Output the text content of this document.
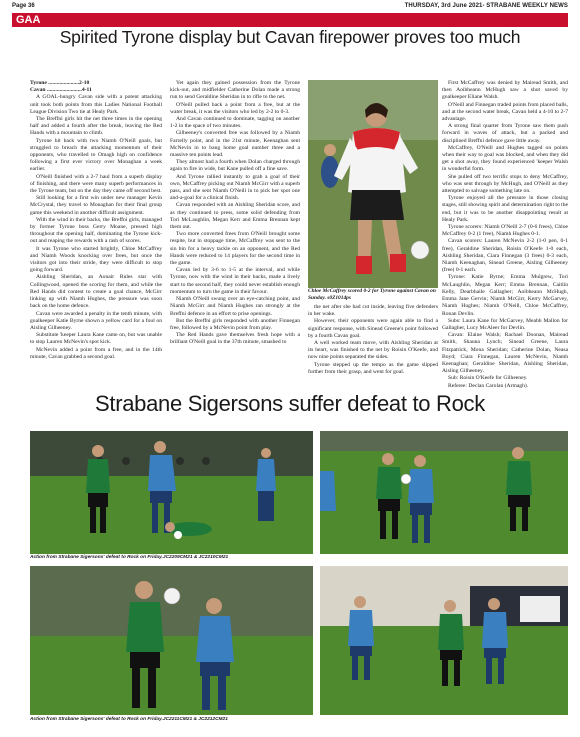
Page 36	THURSDAY, 3rd June 2021- STRABANE WEEKLY NEWS
GAA
Spirited Tyrone display but Cavan firepower proves too much
Tyrone ......................2-10
Cavan .........................4-11

A GOAL-hungry Cavan side with a potent attacking unit took both points from this Ladies National Football League Division Two tie at Healy Park.

The Breffni girls hit the net three times in the opening half and added a fourth after the break, leaving the Red Hands with a mountain to climb.

Tyrone hit back with two Niamh O'Neill goals, but struggled to breach the attacking momentum of their opponents, who travelled to Omagh high on confidence following a first ever victory over Monaghan a week earlier.

O'Neill finished with a 2-7 haul from a superb display of finishing, and there were many superb performances in the Tyrone team, but on the day they came off second best.

Still looking for a first win under new manager Kevin McCrystal, they travel to Monaghan for their final group game this weekend in another difficult assignment.

With the wind in their backs, the Breffni girls, managed by former Tyrone boss Gerry Moane, pressed high throughout the opening half, dominating the Tyrone kick-out and reaping the rewards with a rash of scores.

It was Tyrone who started brightly, Chloe McCaffrey and Niamh Woods knocking over frees, but once the visitors got into their stride, they were difficult to stop going forward.

Aishling Sheridan, an Aonair Rules star with Collingwood, opened the scoring for them, and while the Red Hands did contest to create a goal chance, McGirr linking up with Niamh Hughes, the pressure was soon back on the home defence.

Cavan were awarded a penalty in the tenth minute, with goalkeeper Katie Byrne shown a yellow card for a foul on Aisling Gilheeney.

Substitute 'keeper Laura Kane came on, but was unable to stop Lauren McNevin's spot kick.

McNevin added a point from a free, and in the 14th minute, Cavan grabbed a second goal.

Yet again they gained possession from the Tyrone kick-out, and midfielder Catherine Dolan made a strong run to send Geraldine Sheridan in to rifle to the net.

O'Neill pulled back a point from a free, but at the water break, it was the visitors who led by 2-2 to 0-3.

And Cavan continued to dominate, tagging on another 1-2 in the space of two minutes.

Gilheeney's converted free was followed by a Niamh Farrelly point, and in the 21st minute, Keenaghan sent McNevin in to bang home goal number three and a massive ten points lead.

They almost had a fourth when Dolan charged through again to fire in wide, but Kane pulled off a fine save.

And Tyrone rallied instantly to grab a goal of their own, McCaffrey picking out Niamh McGirr with a superb pass, and she sent Niamh O'Neill in to pick her spot one and-a-goal for a clinical finish.

Cavan responded with an Aishling Sheridan score, and as they continued to press, some solid defending from Tori McLaughlin, Megan Kerr and Emma Brennan kept them out.

Two more converted frees from O'Neill brought some respite, but in stoppage time, McCaffrey was sent to the sin bin for a heavy tackle on an opponent, and the Red Hands were reduced to 14 players for the second time in the game.

Cavan led by 3-6 to 1-5 at the interval, and while Tyrone, now with the wind in their backs, made a lively start to the second half, they could never establish enough momentum to turn the game in their favour.

Niamh O'Neill swung over an eye-catching point, and Niamh McGirr and Niamh Hughes ran strongly at the Breffni defence in an effort to prise openings.

But the Breffni girls responded with another Finnegan free, followed by a McNevin point from play.

The Red Hands gave themselves fresh hope with a brilliant O'Neill goal in the 37th minute, smashed to

Chloe McCaffrey scored 0-2 for Tyrone against Cavan on Sunday. s0Z1014ps

the net after she had cut inside, leaving five defenders in her wake.

However, their opponents were again able to find a significant response, with Sinead Greene's point followed by a fourth Cavan goal.

A well worked team move, with Aishling Sheridan at its heart, was finished to the net by Roisin O'Keefe, and now nine points separated the sides.

Tyrone stepped up the tempo as the game slipped further from their grasp, and went for goal.

First McCaffrey was denied by Mairead Smith, and then Aoibheann McHugh saw a shot saved by goalkeeper Eliane Walsh.

O'Neill and Finnegan traded points from placed balls, and at the second water break, Cavan held a 4-10 to 2-7 advantage.

A strong final quarter from Tyrone saw them push forward in waves of attack, but a packed and disciplined Breffni defence gave little away.

McCaffrey, O'Neill and Hughes tagged on points when their way to goal was blocked, and when they did get a shot away, they found experienced 'keeper Walsh in wonderful form.

She pulled off two terrific stops to deny McCaffrey, who was sent through by McHugh, and O'Neill as they attempted to salvage something late on.

Tyrone enjoyed all the pressure in those closing stages, still showing spirit and determination right to the end, but it was to be another disappointing result at Healy Park.

Tyrone scorers: Niamh O'Neill 2-7 (0-6 frees), Chloe McCaffrey 0-2 (1 free), Niamh Hughes 0-1.

Cavan scorers: Lauren McNevin 2-2 (1-0 pen, 0-1 free), Geraldine Sheridan, Roisin O'Keefe 1-0 each, Aishling Sheridan, Ciara Finnegan (3 frees) 0-3 each, Niamh Keenaghan, Sinead Greene, Aisling Gilheeney (free) 0-1 each.

Tyrone: Katie Byrne; Emma Mulgrew, Tori McLaughlin, Megan Kerr; Emma Brennan, Caitlin Kelly, Dearbhaile Gallagher; Aoibheann McHugh, Emma Jane Gervin; Niamh McGirr, Kerry McGarvey, Niamh Hughes; Niamh O'Neill, Chloe McCaffrey, Ronan Devlin.

Subs: Laura Kane for McGarvey, Meabh Mallon for Gallagher, Lucy McAleer for Devlin.

Cavan: Elaine Walsh; Rachael Doonan, Mairead Smith, Shauna Lynch; Sinead Greene, Laura Fitzpatrick, Mona Sheridan; Catherine Dolan, Neasa Boyd; Ciara Finnegan, Lauren McNevin, Niamh Keenaghan; Geraldine Sheridan, Aishling Sheridan, Aisling Gilheeney.

Sub: Roisin O'Keefe for Gilheeney.

Referee: Declan Carolan (Armagh).

Strabane Sigersons suffer defeat to Rock
Action from Strabane Sigersons' defeat to Rock on Friday.JC2209CM21 & JC2210CM21
Action from Strabane Sigersons' defeat to Rock on Friday.JC2211CM21 & JC2212CM21
